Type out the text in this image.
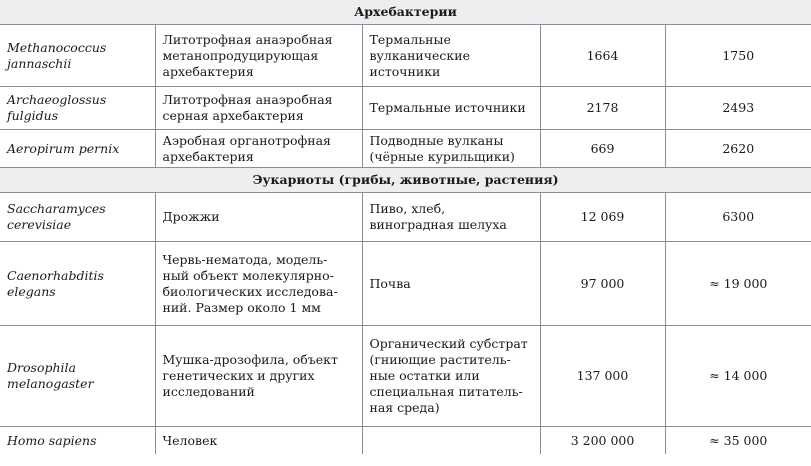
Архебактерии				

Methanococcus
jannaschii	Литотрофная анаэробная
метанопродуцирующая
архебактерия	Термальные
вулканические
источники	1664	1750

Archaeoglossus
fulgidus	Литотрофная анаэробная
серная архебактерия	Термальные источники	2178	2493

Aeropirum pernix	Аэробная органотрофная
архебактерия	Подводные вулканы
(чёрные курильщики)	669	2620
Эукариоты (грибы, животные, растения)				

Saccharamyces
cerevisiae	Дрожжи	Пиво, хлеб,
виноградная шелуха	12 069	6300

Caenorhabditis
elegans	Червь-нематода, модель-
ный объект молекулярно-
биологических исследова-
ний. Размер около 1 мм	Почва	97 000	≈ 19 000

Drosophila
melanogaster	Мушка-дрозофила, объект
генетических и других
исследований	Органический субстрат
(гниющие раститель-
ные остатки или
специальная питатель-
ная среда)	137 000	≈ 14 000

Homo sapiens	Человек		3 200 000	≈ 35 000
